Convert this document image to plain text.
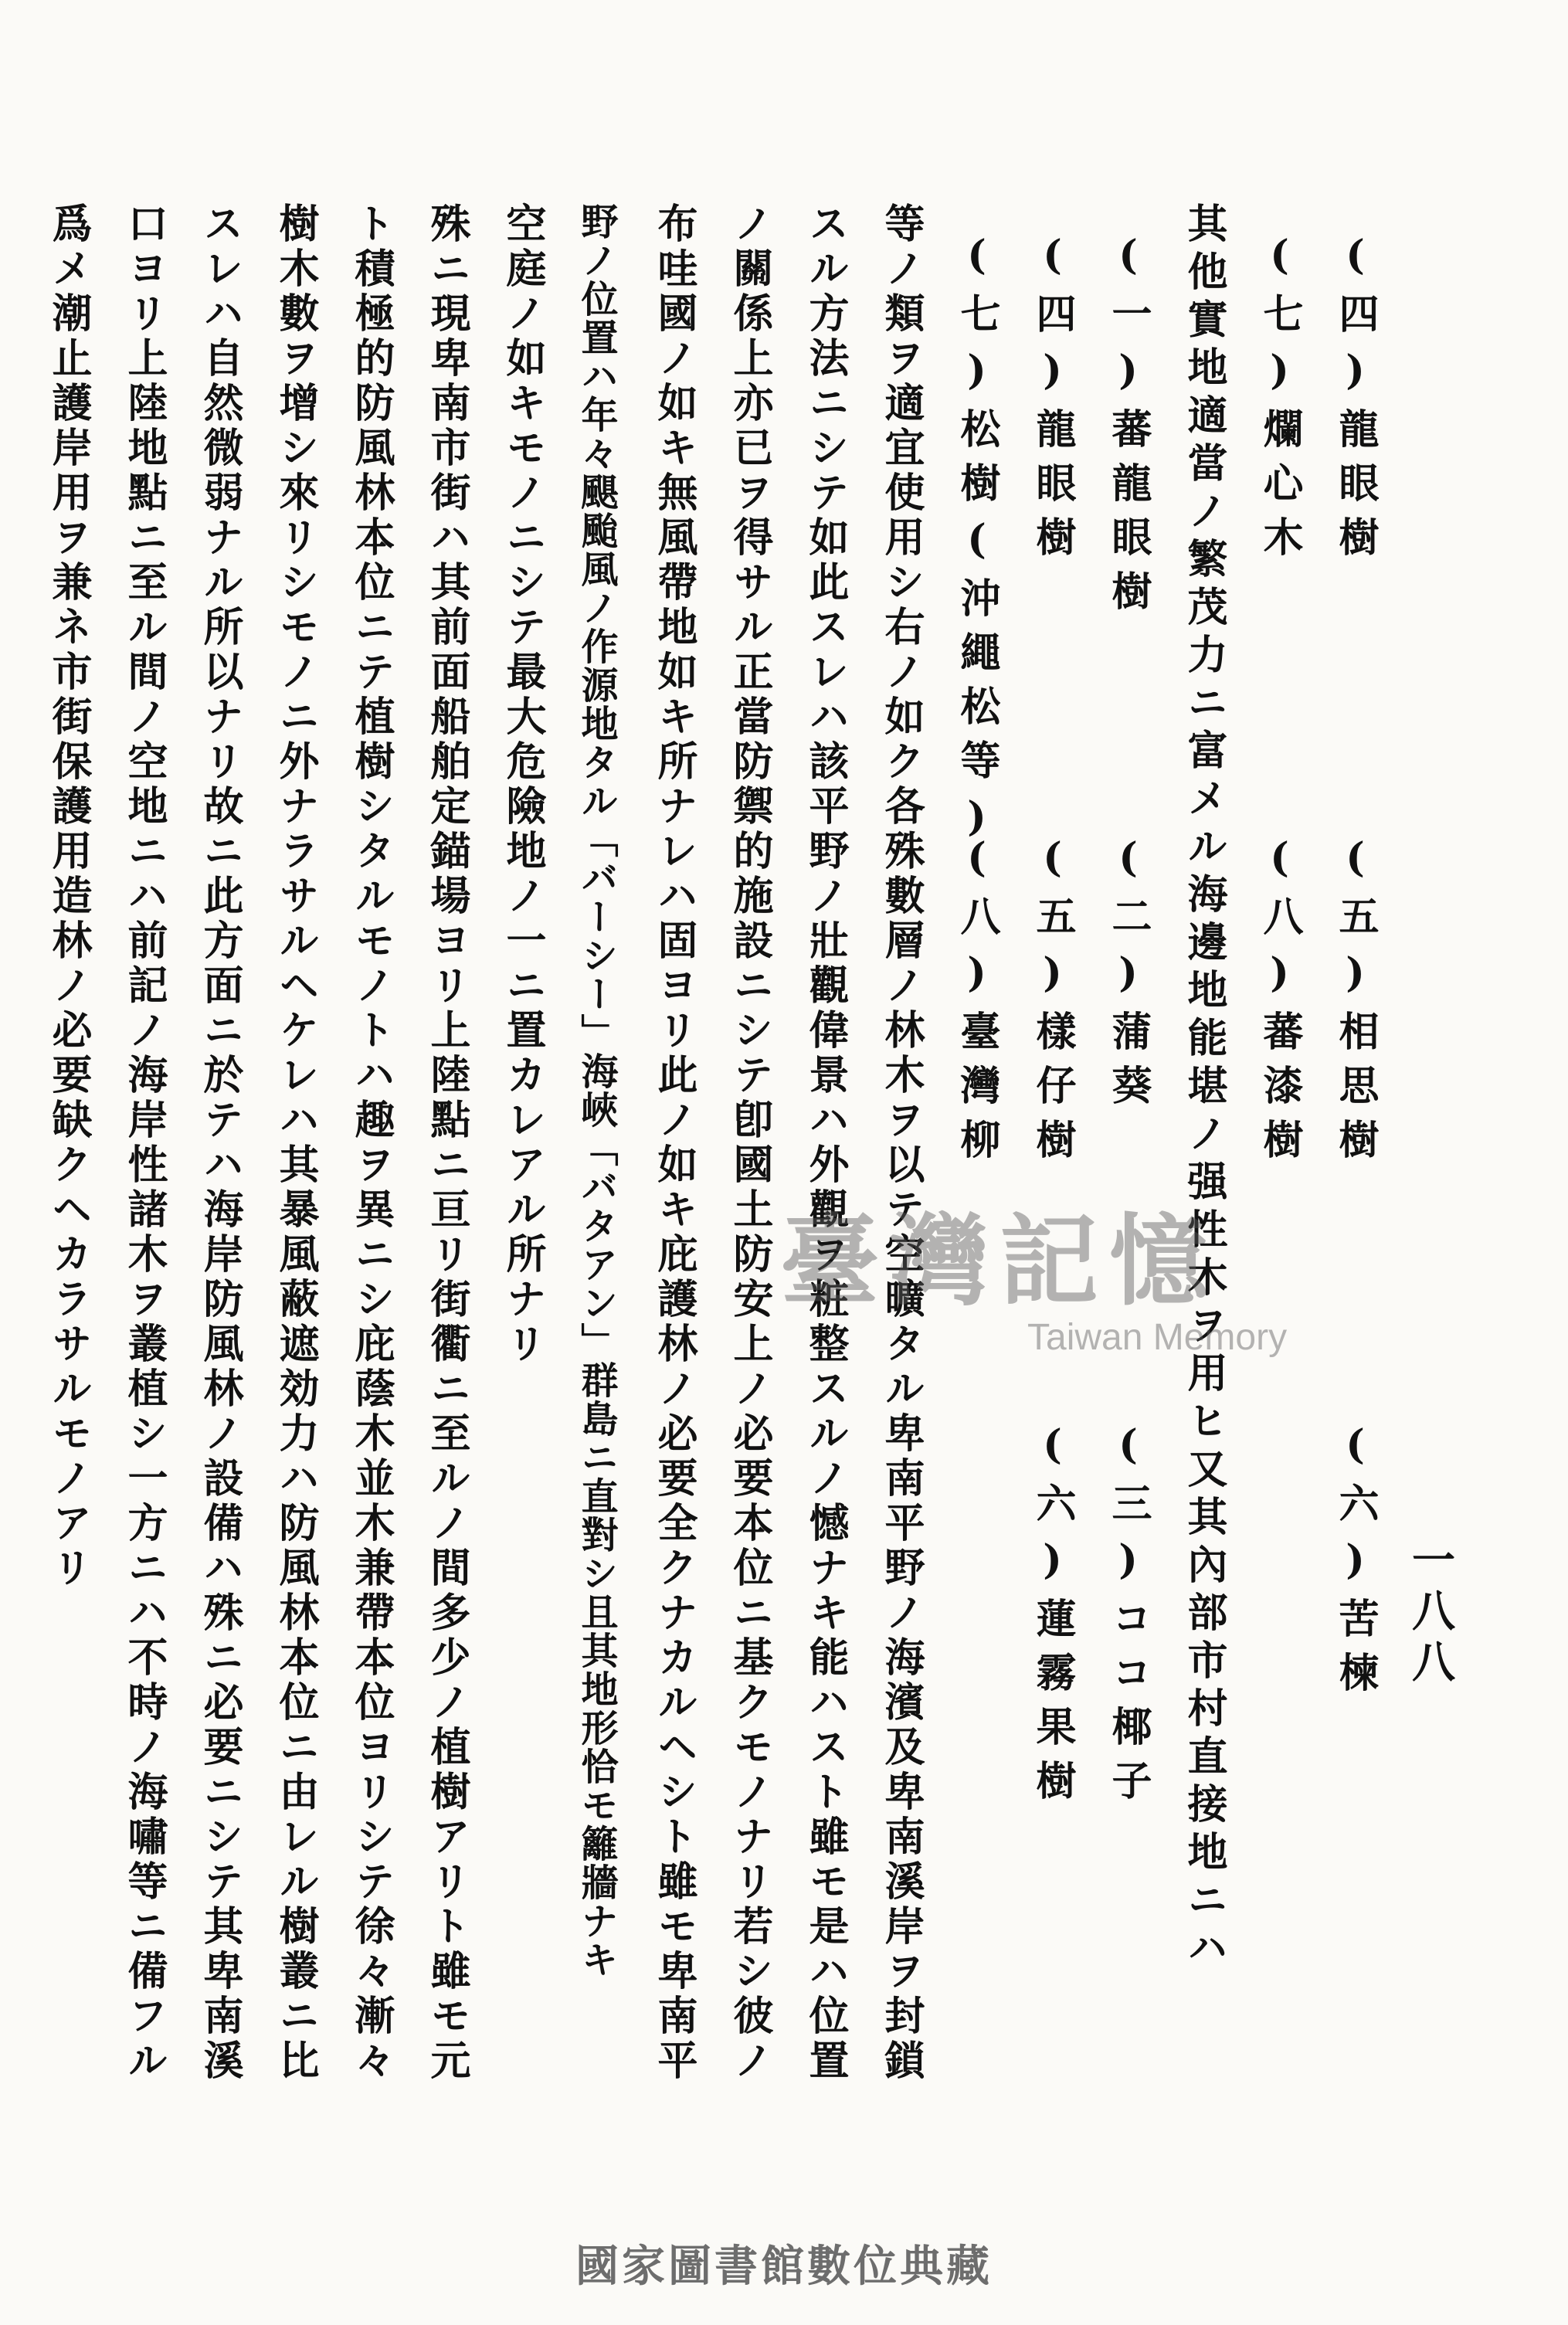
一八八
(四)龍眼樹
(五)相思樹
(六)苦楝
(七)爛心木
(八)蕃漆樹
其他實地適當ノ繁茂力ニ富メル海邊地能堪ノ强性木ヲ用ヒ又其內部市村直接地ニハ
(一)蕃龍眼樹
(二)蒲葵
(三)ココ椰子
(四)龍眼樹
(五)樣仔樹
(六)蓮霧果樹
(七)松樹(沖繩松等)
(八)臺灣柳
等ノ類ヲ適宜使用シ右ノ如ク各殊數層ノ林木ヲ以テ空曠タル卑南平野ノ海濱及卑南溪岸ヲ封鎖
スル方法ニシテ如此スレハ該平野ノ壯觀偉景ハ外觀ヲ粧整スルノ憾ナキ能ハスト雖モ是ハ位置
ノ關係上亦已ヲ得サル正當防禦的施設ニシテ卽國土防安上ノ必要本位ニ基クモノナリ若シ彼ノ
布哇國ノ如キ無風帶地如キ所ナレハ固ヨリ此ノ如キ庇護林ノ必要全クナカルヘシト雖モ卑南平
野ノ位置ハ年々颶颱風ノ作源地タル「バーシー」海峽「バタアン」群島ニ直對シ且其地形恰モ籬牆ナキ
空庭ノ如キモノニシテ最大危險地ノ一ニ置カレアル所ナリ
殊ニ現卑南市街ハ其前面船舶定錨場ヨリ上陸點ニ亘リ街衢ニ至ルノ間多少ノ植樹アリト雖モ元
ト積極的防風林本位ニテ植樹シタルモノトハ趣ヲ異ニシ庇蔭木並木兼帶本位ヨリシテ徐々漸々
樹木數ヲ增シ來リシモノニ外ナラサルヘケレハ其暴風蔽遮効力ハ防風林本位ニ由レル樹叢ニ比
スレハ自然微弱ナル所以ナリ故ニ此方面ニ於テハ海岸防風林ノ設備ハ殊ニ必要ニシテ其卑南溪
口ヨリ上陸地點ニ至ル間ノ空地ニハ前記ノ海岸性諸木ヲ叢植シ一方ニハ不時ノ海嘯等ニ備フル
爲メ潮止護岸用ヲ兼ネ市街保護用造林ノ必要缺クヘカラサルモノアリ	臺灣記憶
Taiwan Memory
國家圖書館數位典藏
